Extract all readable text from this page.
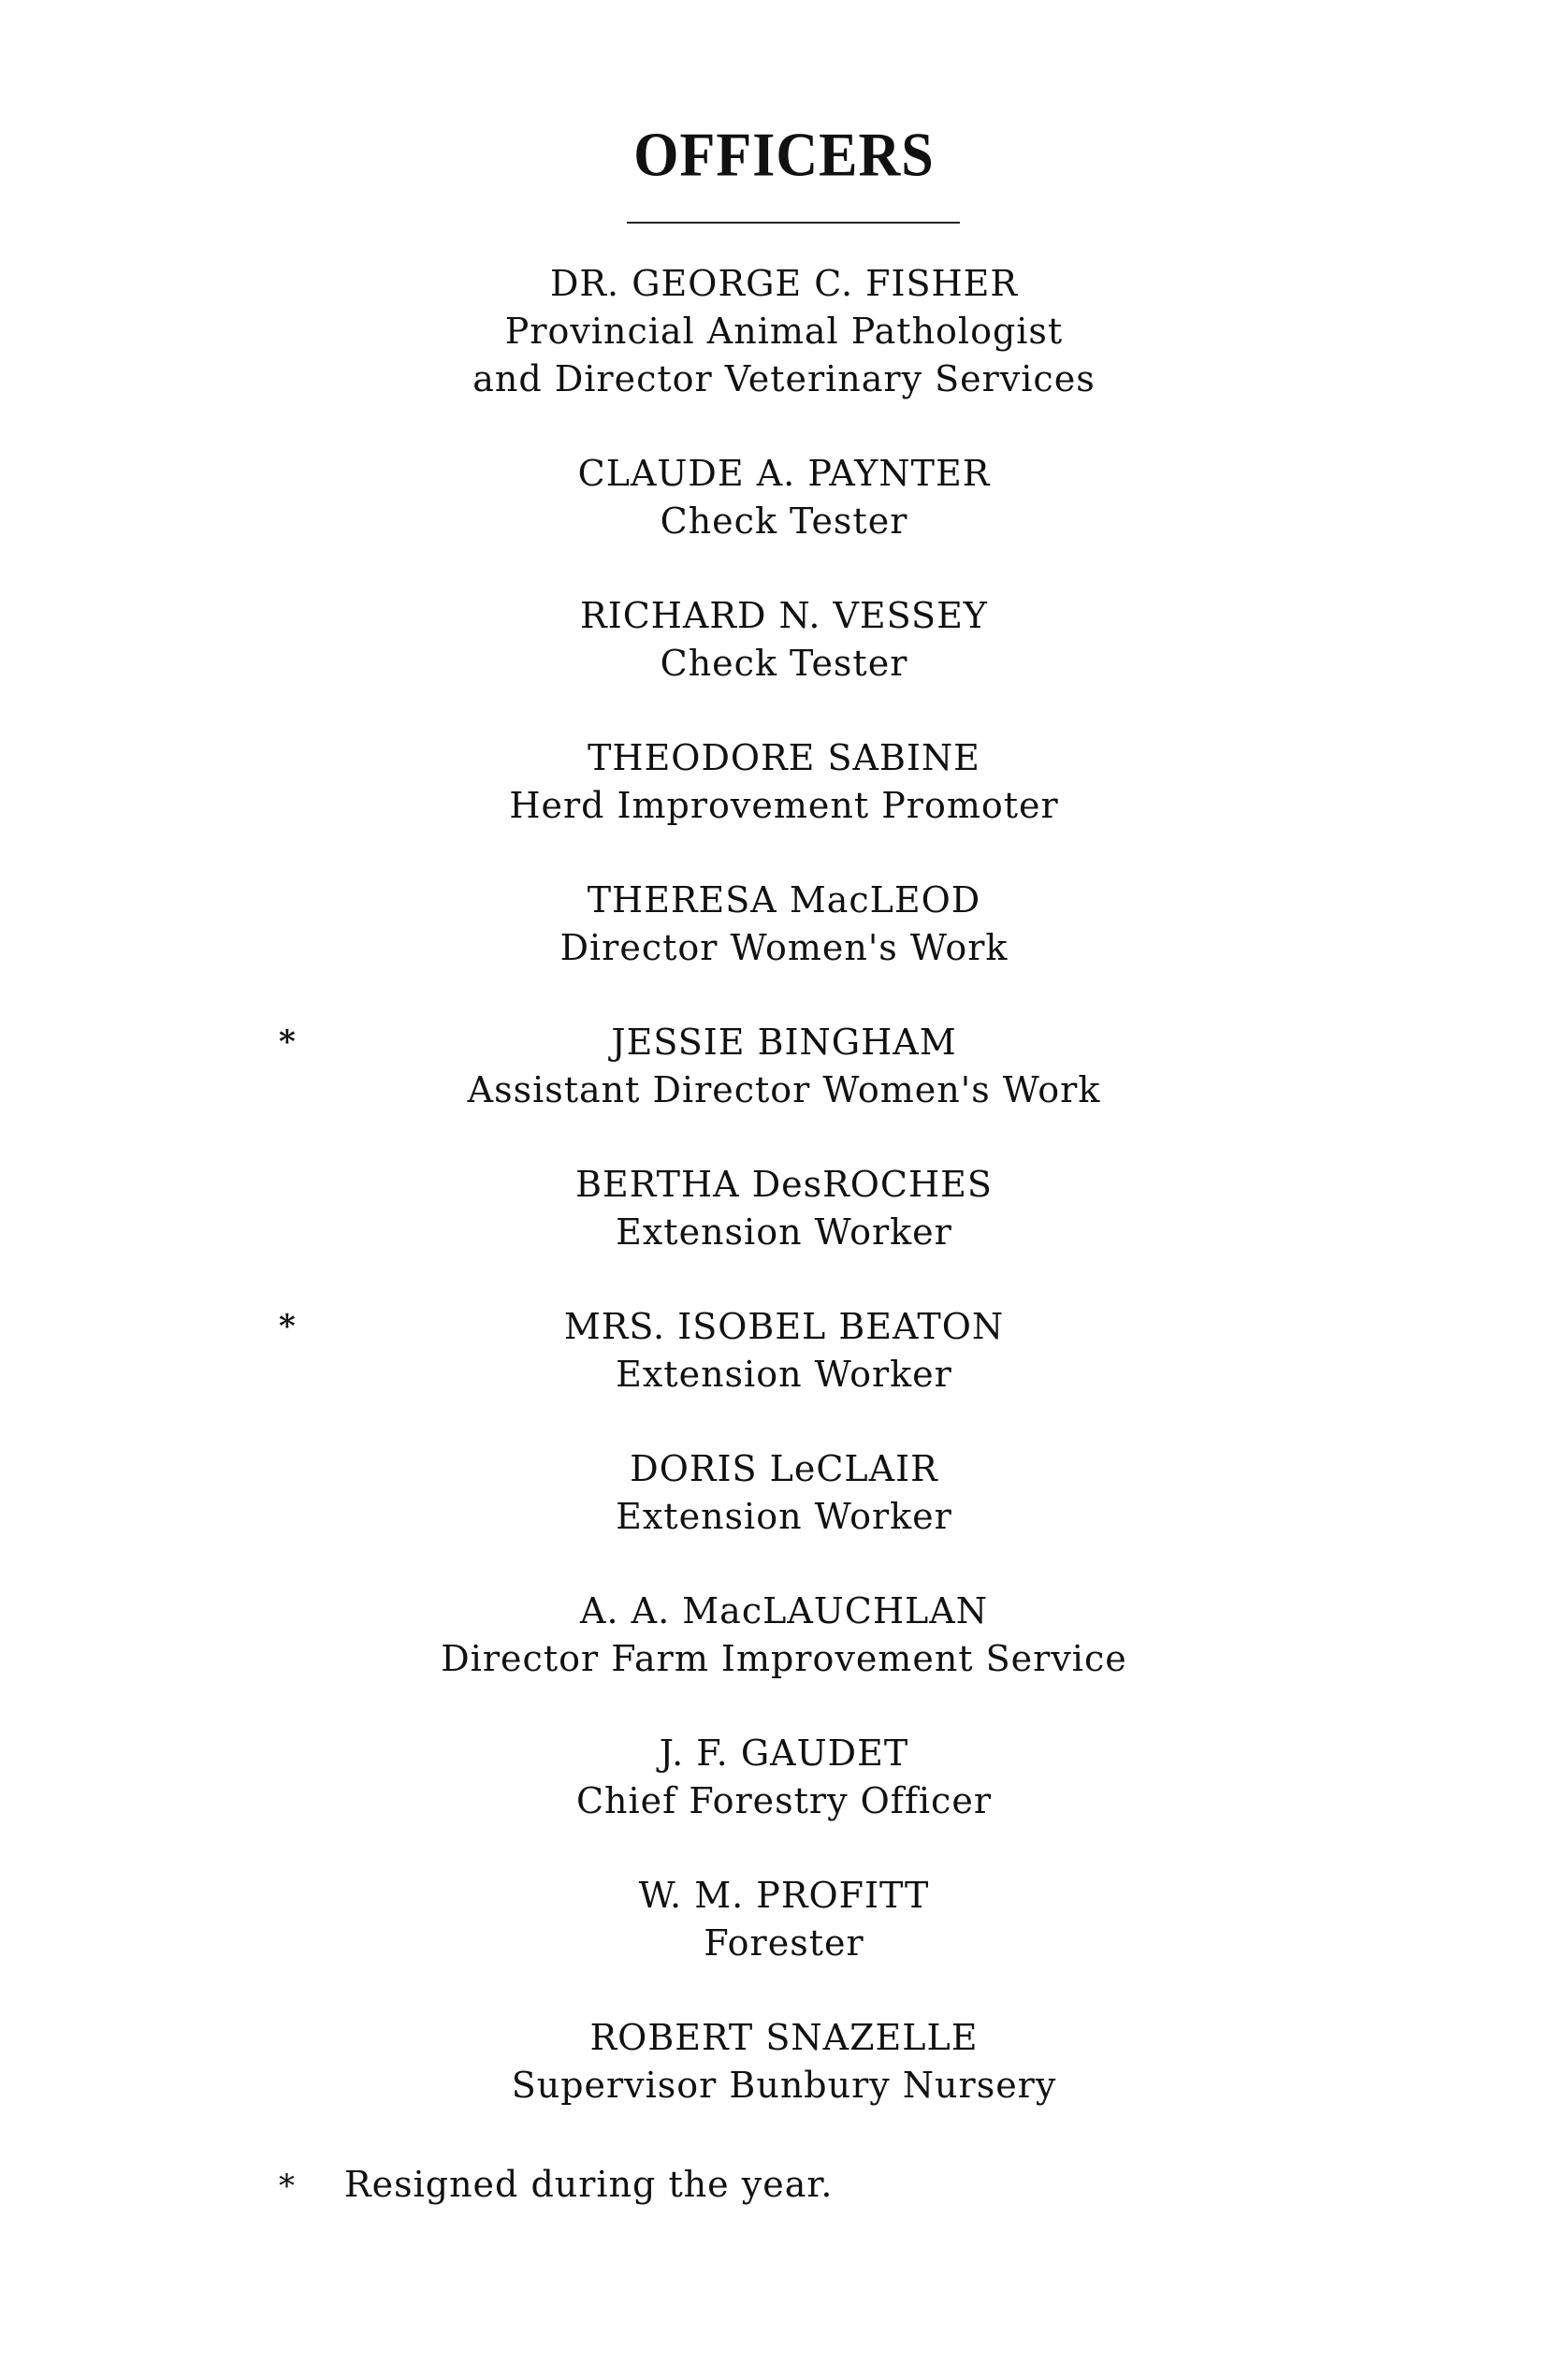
OFFICERS
DR. GEORGE C. FISHER
Provincial Animal Pathologist
and Director Veterinary Services
CLAUDE A. PAYNTER
Check Tester
RICHARD N. VESSEY
Check Tester
THEODORE SABINE
Herd Improvement Promoter
THERESA MacLEOD
Director Women's Work
*	JESSIE BINGHAM
Assistant Director Women's Work
BERTHA DesROCHES
Extension Worker
*	MRS. ISOBEL BEATON
Extension Worker
DORIS LeCLAIR
Extension Worker
A. A. MacLAUCHLAN
Director Farm Improvement Service
J. F. GAUDET
Chief Forestry Officer
W. M. PROFITT
Forester
ROBERT SNAZELLE
Supervisor Bunbury Nursery
* Resigned during the year.
